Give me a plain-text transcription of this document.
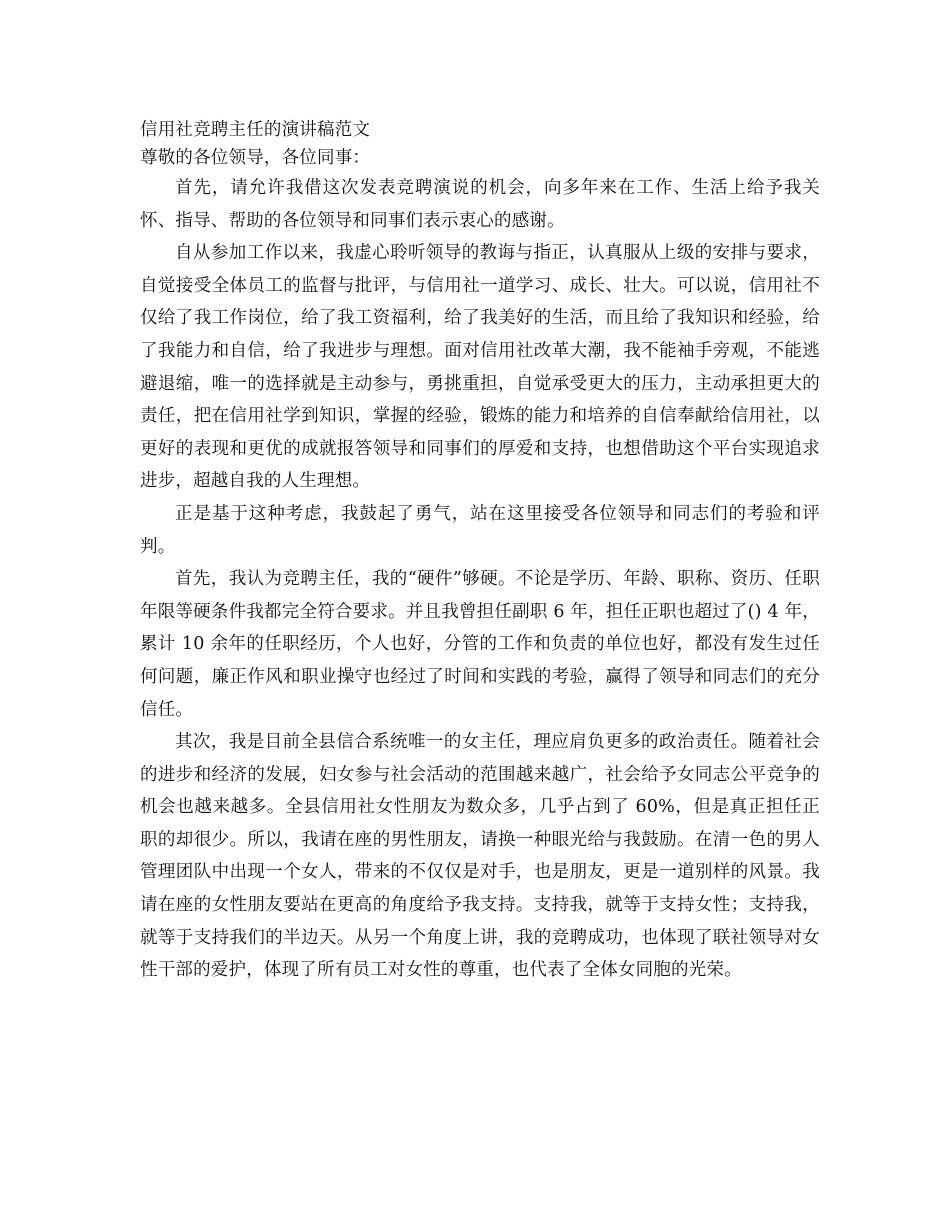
信用社竞聘主任的演讲稿范文

尊敬的各位领导，各位同事：

首先，请允许我借这次发表竞聘演说的机会，向多年来在工作、生活上给予我关怀、指导、帮助的各位领导和同事们表示衷心的感谢。

自从参加工作以来，我虚心聆听领导的教诲与指正，认真服从上级的安排与要求，自觉接受全体员工的监督与批评，与信用社一道学习、成长、壮大。可以说，信用社不仅给了我工作岗位，给了我工资福利，给了我美好的生活，而且给了我知识和经验，给了我能力和自信，给了我进步与理想。面对信用社改革大潮，我不能袖手旁观，不能逃避退缩，唯一的选择就是主动参与，勇挑重担，自觉承受更大的压力，主动承担更大的责任，把在信用社学到知识，掌握的经验，锻炼的能力和培养的自信奉献给信用社，以更好的表现和更优的成就报答领导和同事们的厚爱和支持，也想借助这个平台实现追求进步，超越自我的人生理想。

正是基于这种考虑，我鼓起了勇气，站在这里接受各位领导和同志们的考验和评判。

首先，我认为竞聘主任，我的“硬件”够硬。不论是学历、年龄、职称、资历、任职年限等硬条件我都完全符合要求。并且我曾担任副职 6 年，担任正职也超过了() 4 年，累计 10 余年的任职经历，个人也好，分管的工作和负责的单位也好，都没有发生过任何问题，廉正作风和职业操守也经过了时间和实践的考验，赢得了领导和同志们的充分信任。

其次，我是目前全县信合系统唯一的女主任，理应肩负更多的政治责任。随着社会的进步和经济的发展，妇女参与社会活动的范围越来越广，社会给予女同志公平竞争的机会也越来越多。全县信用社女性朋友为数众多，几乎占到了 60%，但是真正担任正职的却很少。所以，我请在座的男性朋友，请换一种眼光给与我鼓励。在清一色的男人管理团队中出现一个女人，带来的不仅仅是对手，也是朋友，更是一道别样的风景。我请在座的女性朋友要站在更高的角度给予我支持。支持我，就等于支持女性；支持我，就等于支持我们的半边天。从另一个角度上讲，我的竞聘成功，也体现了联社领导对女性干部的爱护，体现了所有员工对女性的尊重，也代表了全体女同胞的光荣。
